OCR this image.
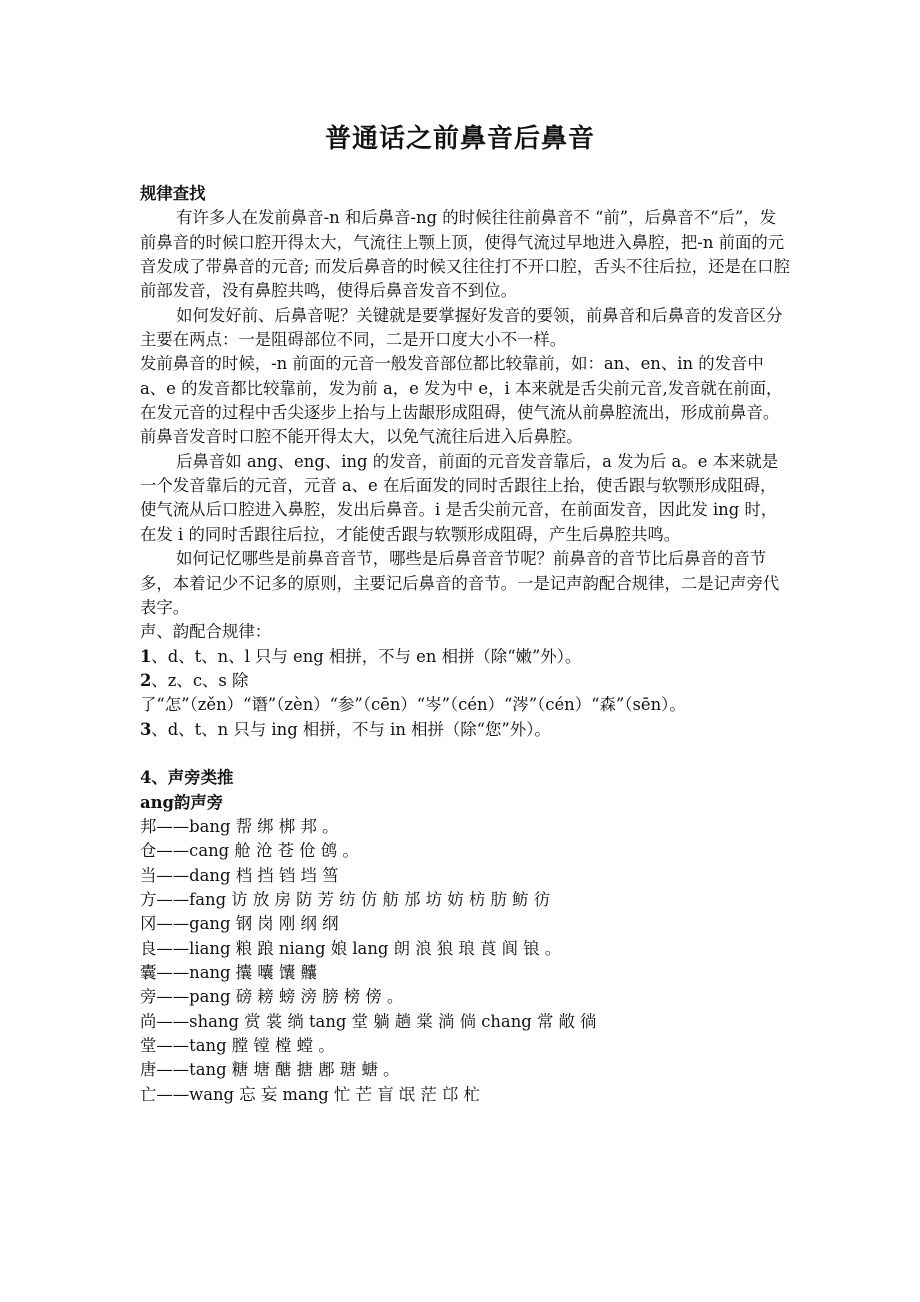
普通话之前鼻音后鼻音

规律查找

有许多人在发前鼻音-n 和后鼻音-ng 的时候往往前鼻音不 “前”，后鼻音不“后”，发前鼻音的时候口腔开得太大，气流往上颚上顶，使得气流过早地进入鼻腔，把-n 前面的元音发成了带鼻音的元音; 而发后鼻音的时候又往往打不开口腔，舌头不往后拉，还是在口腔前部发音，没有鼻腔共鸣，使得后鼻音发音不到位。

如何发好前、后鼻音呢？关键就是要掌握好发音的要领，前鼻音和后鼻音的发音区分主要在两点：一是阻碍部位不同，二是开口度大小不一样。

发前鼻音的时候，-n 前面的元音一般发音部位都比较靠前，如：an、en、in 的发音中 a、e 的发音都比较靠前，发为前 a，e 发为中 e，i 本来就是舌尖前元音,发音就在前面，在发元音的过程中舌尖逐步上抬与上齿龈形成阻碍，使气流从前鼻腔流出，形成前鼻音。前鼻音发音时口腔不能开得太大，以免气流往后进入后鼻腔。

后鼻音如 ang、eng、ing 的发音，前面的元音发音靠后，a 发为后 a。e 本来就是一个发音靠后的元音，元音 a、e 在后面发的同时舌跟往上抬，使舌跟与软颚形成阻碍，使气流从后口腔进入鼻腔，发出后鼻音。i 是舌尖前元音，在前面发音，因此发 ing 时，在发 i 的同时舌跟往后拉，才能使舌跟与软颚形成阻碍，产生后鼻腔共鸣。

如何记忆哪些是前鼻音音节，哪些是后鼻音音节呢？前鼻音的音节比后鼻音的音节多，本着记少不记多的原则，主要记后鼻音的音节。一是记声韵配合规律，二是记声旁代表字。

声、韵配合规律：

1、d、t、n、l 只与 eng 相拼，不与 en 相拼（除“嫩”外）。

2、z、c、s 除了“怎”（zěn）“谮”（zèn）“参”（cēn）“岑”（cén）“涔”（cén）“森”（sēn）。

3、d、t、n 只与 ing 相拼，不与 in 相拼（除“您”外）。

4、声旁类推

ang韵声旁

邦——bang 帮 绑 梆 邦 。

仓——cang 舱 沧 苍 伧 鸧 。

当——dang 档 挡 铛 垱 筜

方——fang 访 放 房 防 芳 纺 仿 舫 邡 坊 妨 枋 肪 鲂 彷

冈——gang 钢 岗 刚 纲 纲

良——liang 粮 踉 niang 娘 lang 朗 浪 狼 琅 莨 阆 锒 。

囊——nang 攮 囔 馕 齉

旁——pang 磅 耪 螃 滂 膀 榜 傍 。

尚——shang 赏 裳 绱 tang 堂 躺 趟 棠 淌 倘 chang 常 敞 徜

堂——tang 膛 镗 樘 螳 。

唐——tang 糖 塘 醣 搪 鄌 瑭 螗 。

亡——wang 忘 妄 mang 忙 芒 盲 氓 茫 邙 杧
